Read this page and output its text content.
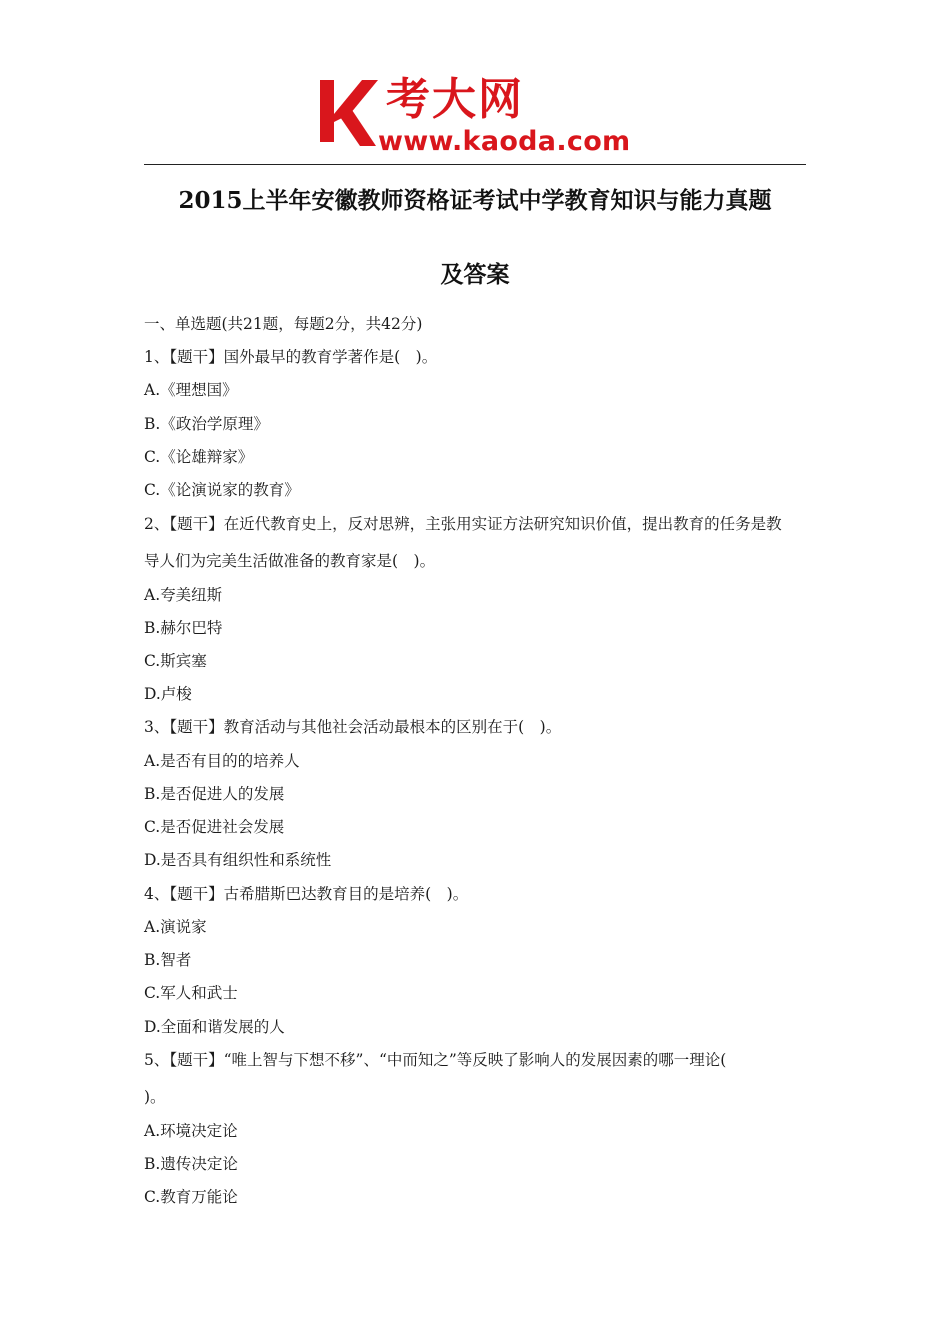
考大网
www.kaoda.com
2015上半年安徽教师资格证考试中学教育知识与能力真题
及答案
一、单选题(共21题，每题2分，共42分)
1、【题干】国外最早的教育学著作是(　)。
A.《理想国》
B.《政治学原理》
C.《论雄辩家》
C.《论演说家的教育》
2、【题干】在近代教育史上，反对思辨，主张用实证方法研究知识价值，提出教育的任务是教
导人们为完美生活做准备的教育家是(　)。
A.夸美纽斯
B.赫尔巴特
C.斯宾塞
D.卢梭
3、【题干】教育活动与其他社会活动最根本的区别在于(　)。
A.是否有目的的培养人
B.是否促进人的发展
C.是否促进社会发展
D.是否具有组织性和系统性
4、【题干】古希腊斯巴达教育目的是培养(　)。
A.演说家
B.智者
C.军人和武士
D.全面和谐发展的人
5、【题干】“唯上智与下想不移”、“中而知之”等反映了影响人的发展因素的哪一理论(
)。
A.环境决定论
B.遗传决定论
C.教育万能论
